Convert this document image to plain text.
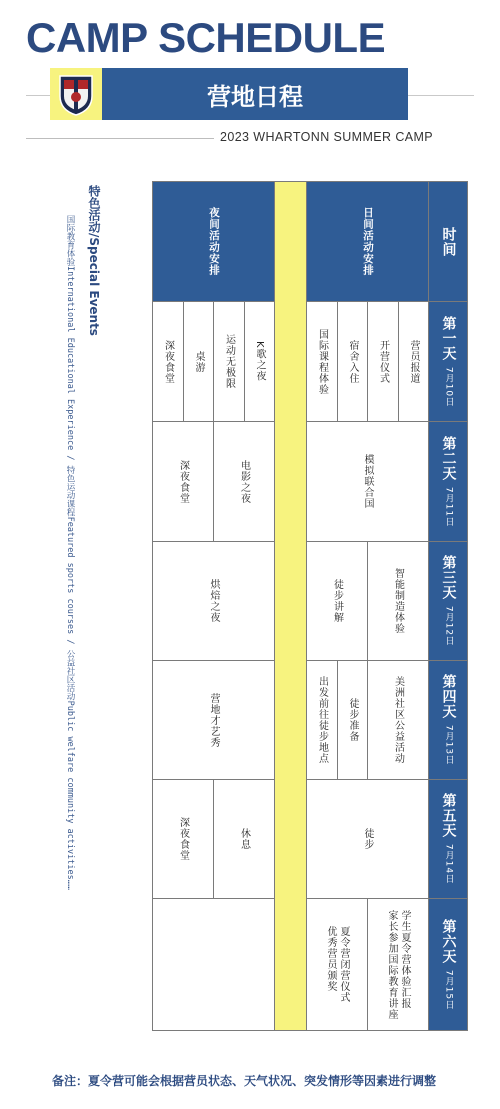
CAMP SCHEDULE
营地日程
2023 WHARTONN SUMMER CAMP
特色活动/Special Events
国际教育体验International Educational Experience / 特色运动课程Featured sports courses / 公益社区活动Public welfare community activities……	时间
第一天 7月10日
第二天 7月11日
第三天 7月12日
第四天 7月13日
第五天 7月14日
第六天 7月15日
日间活动安排
夜间活动安排
营员报道
开营仪式
宿舍入住
国际课程体验
K歌之夜
运动无极限
桌游
深夜食堂
模拟联合国
电影之夜
深夜食堂
智能制造体验
徒步讲解
烘焙之夜
美洲社区公益活动
徒步准备
出发前往徒步地点
营地才艺秀
徒步
休息
深夜食堂
学生夏令营体验汇报
家长参加国际教育讲座
夏令营闭营仪式
优秀营员颁奖
备注：夏令营可能会根据营员状态、天气状况、突发情形等因素进行调整
